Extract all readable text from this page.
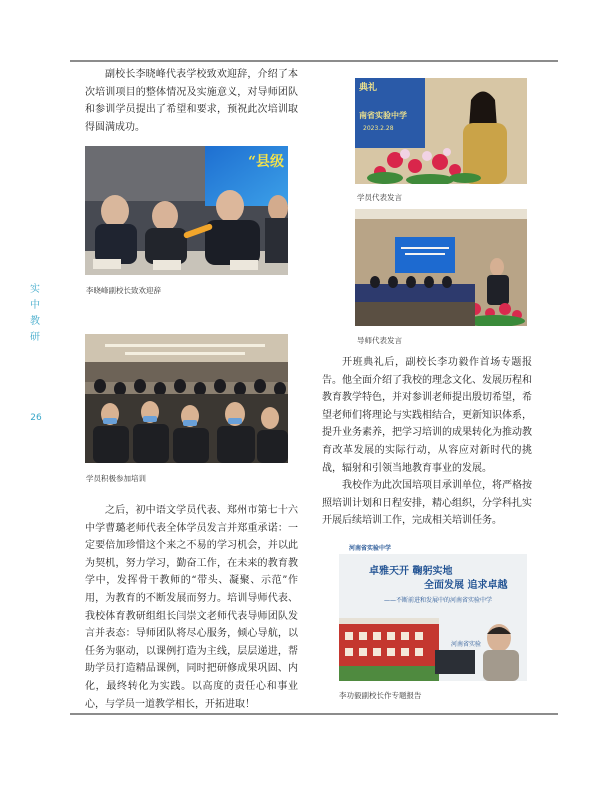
实
中
教
研
26

副校长李晓峰代表学校致欢迎辞，介绍了本次培训项目的整体情况及实施意义，对导师团队和参训学员提出了希望和要求，预祝此次培训取得圆满成功。

“县级
李晓峰副校长致欢迎辞
学员积极参加培训

之后，初中语文学员代表、郑州市第七十六中学曹璐老师代表全体学员发言并郑重承诺：一定要倍加珍惜这个来之不易的学习机会，并以此为契机，努力学习，勤奋工作，在未来的教育教学中，发挥骨干教师的“带头、凝聚、示范”作用，为教育的不断发展而努力。培训导师代表、我校体育教研组组长闫崇文老师代表导师团队发言并表态：导师团队将尽心服务，倾心导航，以任务为驱动，以课例打造为主线，层层递进，帮助学员打造精品课例，同时把研修成果巩固、内化，最终转化为实践。以高度的责任心和事业心，与学员一道教学相长，开拓进取！

典礼
南省实验中学
2023.2.28
学员代表发言
导师代表发言

开班典礼后，副校长李功毅作首场专题报告。他全面介绍了我校的理念文化、发展历程和教育教学特色，并对参训老师提出殷切希望，希望老师们将理论与实践相结合，更新知识体系，提升业务素养，把学习培训的成果转化为推动教育改革发展的实际行动，从容应对新时代的挑战，辐射和引领当地教育事业的发展。

我校作为此次国培项目承训单位，将严格按照培训计划和日程安排，精心组织，分学科扎实开展后续培训工作，完成相关培训任务。

河南省实验中学
卓雅天开 鞠躬实地
全面发展 追求卓越
——不断前进和发展中的河南省实验中学
河南省实验
李功毅副校长作专题报告
